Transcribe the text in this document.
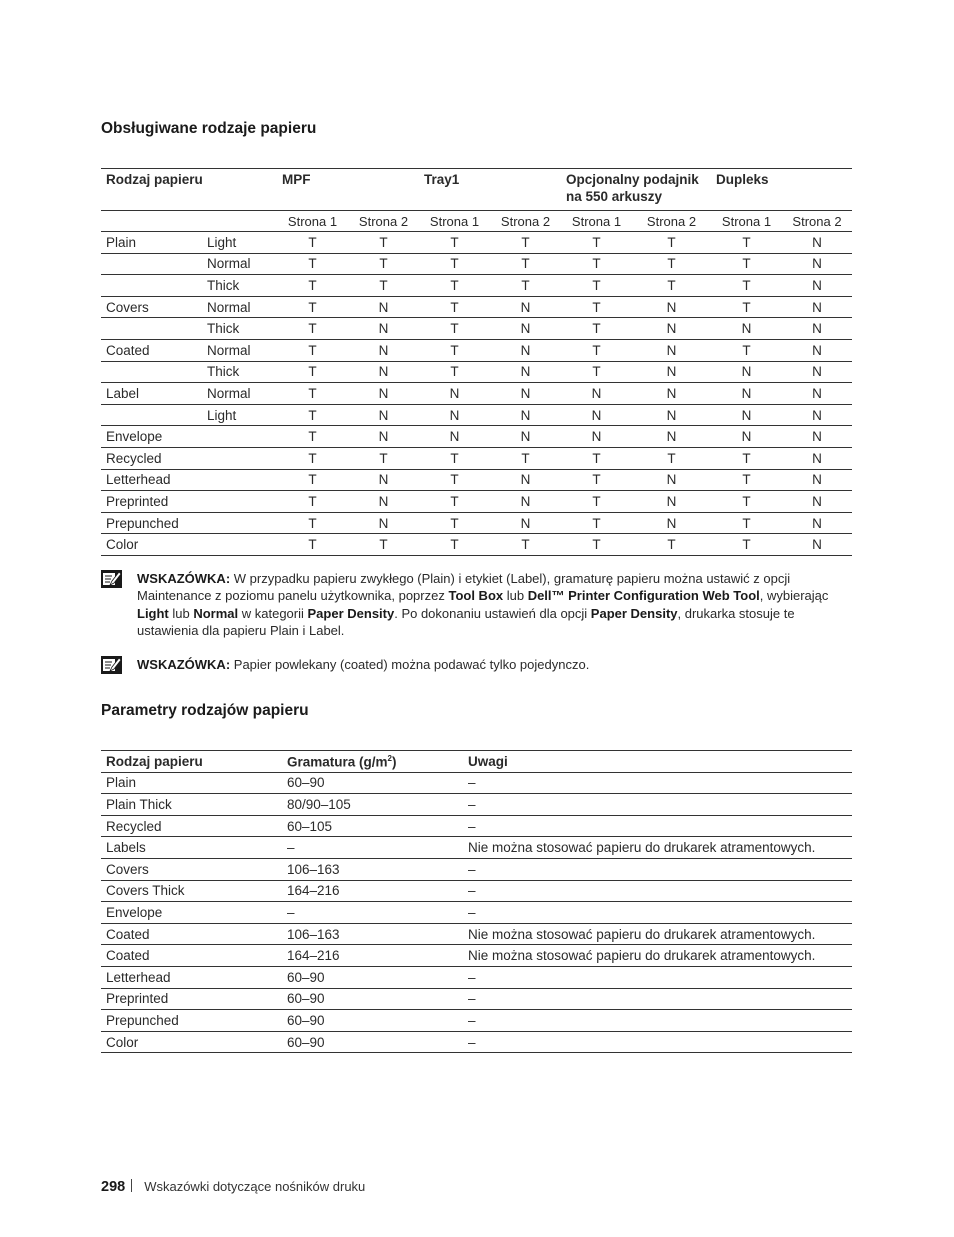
Obsługiwane rodzaje papieru
Rodzaj papieru		MPF		Tray1		Opcjonalny podajnik na 550 arkuszy		Dupleks	
		Strona 1	Strona 2	Strona 1	Strona 2	Strona 1	Strona 2	Strona 1	Strona 2
Plain	Light	T	T	T	T	T	T	T	N
	Normal	T	T	T	T	T	T	T	N
	Thick	T	T	T	T	T	T	T	N
Covers	Normal	T	N	T	N	T	N	T	N
	Thick	T	N	T	N	T	N	N	N
Coated	Normal	T	N	T	N	T	N	T	N
	Thick	T	N	T	N	T	N	N	N
Label	Normal	T	N	N	N	N	N	N	N
	Light	T	N	N	N	N	N	N	N
Envelope		T	N	N	N	N	N	N	N
Recycled		T	T	T	T	T	T	T	N
Letterhead		T	N	T	N	T	N	T	N
Preprinted		T	N	T	N	T	N	T	N
Prepunched		T	N	T	N	T	N	T	N
Color		T	T	T	T	T	T	T	N
WSKAZÓWKA: W przypadku papieru zwykłego (Plain) i etykiet (Label), gramaturę papieru można ustawić z opcji Maintenance z poziomu panelu użytkownika, poprzez Tool Box lub Dell™ Printer Configuration Web Tool, wybierając Light lub Normal w kategorii Paper Density. Po dokonaniu ustawień dla opcji Paper Density, drukarka stosuje te ustawienia dla papieru Plain i Label.
WSKAZÓWKA: Papier powlekany (coated) można podawać tylko pojedynczo.
Parametry rodzajów papieru
Rodzaj papieru	Gramatura $(g/m^2)$	Uwagi
Plain	60–90	–
Plain Thick	80/90–105	–
Recycled	60–105	–
Labels	–	Nie można stosować papieru do drukarek atramentowych.
Covers	106–163	–
Covers Thick	164–216	–
Envelope	–	–
Coated	106–163	Nie można stosować papieru do drukarek atramentowych.
Coated	164–216	Nie można stosować papieru do drukarek atramentowych.
Letterhead	60–90	–
Preprinted	60–90	–
Prepunched	60–90	–
Color	60–90	–
298 Wskazówki dotyczące nośników druku
